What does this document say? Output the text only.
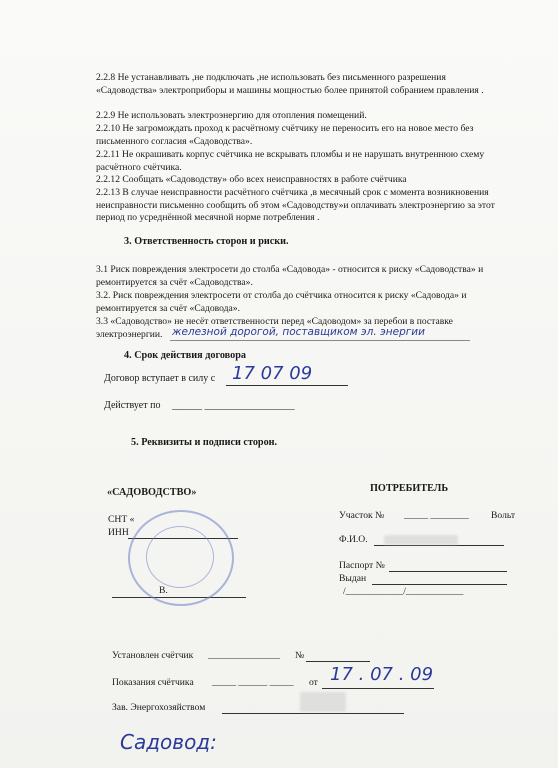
2.2.8 Не устанавливать ,не подключать ,не использовать без письменного разрешения «Садоводства» электроприборы и машины мощностью более принятой собранием правления .
2.2.9 Не использовать электроэнергию для отопления помещений.
2.2.10 Не загромождать проход к расчётному счётчику не переносить его на новое место без письменного согласия «Садоводства».
2.2.11 Не окрашивать корпус счётчика не вскрывать пломбы и не нарушать внутреннюю схему расчётного счётчика.
2.2.12 Сообщать «Садоводству» обо всех неисправностях в работе счётчика
2.2.13 В случае неисправности расчётного счётчика ,в месячный срок с момента возникновения неисправности письменно сообщить об этом «Садоводству»и оплачивать электроэнергию за этот период по усреднённой месячной норме потребления .
3. Ответственность сторон и риски.
3.1 Риск повреждения электросети до столба «Садовода» - относится к риску «Садоводства» и ремонтируется за счёт «Садоводства».
3.2. Риск повреждения электросети от столба до счётчика относится к риску «Садовода» и ремонтируется за счёт «Садовода».
3.3 «Садоводство» не несёт ответственности перед «Садоводом» за перебои в поставке
электроэнергии. железной дорогой, поставщиком эл. энергии
4. Срок действия договора
Договор вступает в силу с 17 07 09
Действует по ______ __________________
5. Реквизиты и подписи сторон.
«САДОВОДСТВО»
СНТ «
ИНН
В.
ПОТРЕБИТЕЛЬ
Участок № _____ ________ Вольт
Ф.И.О.
Паспорт №
Выдан
/____________/____________
Установлен счётчик _______________ №
Показания счётчика _____ ______ _____ от 17 . 07 . 09
Зав. Энергохозяйством
Садовод:
